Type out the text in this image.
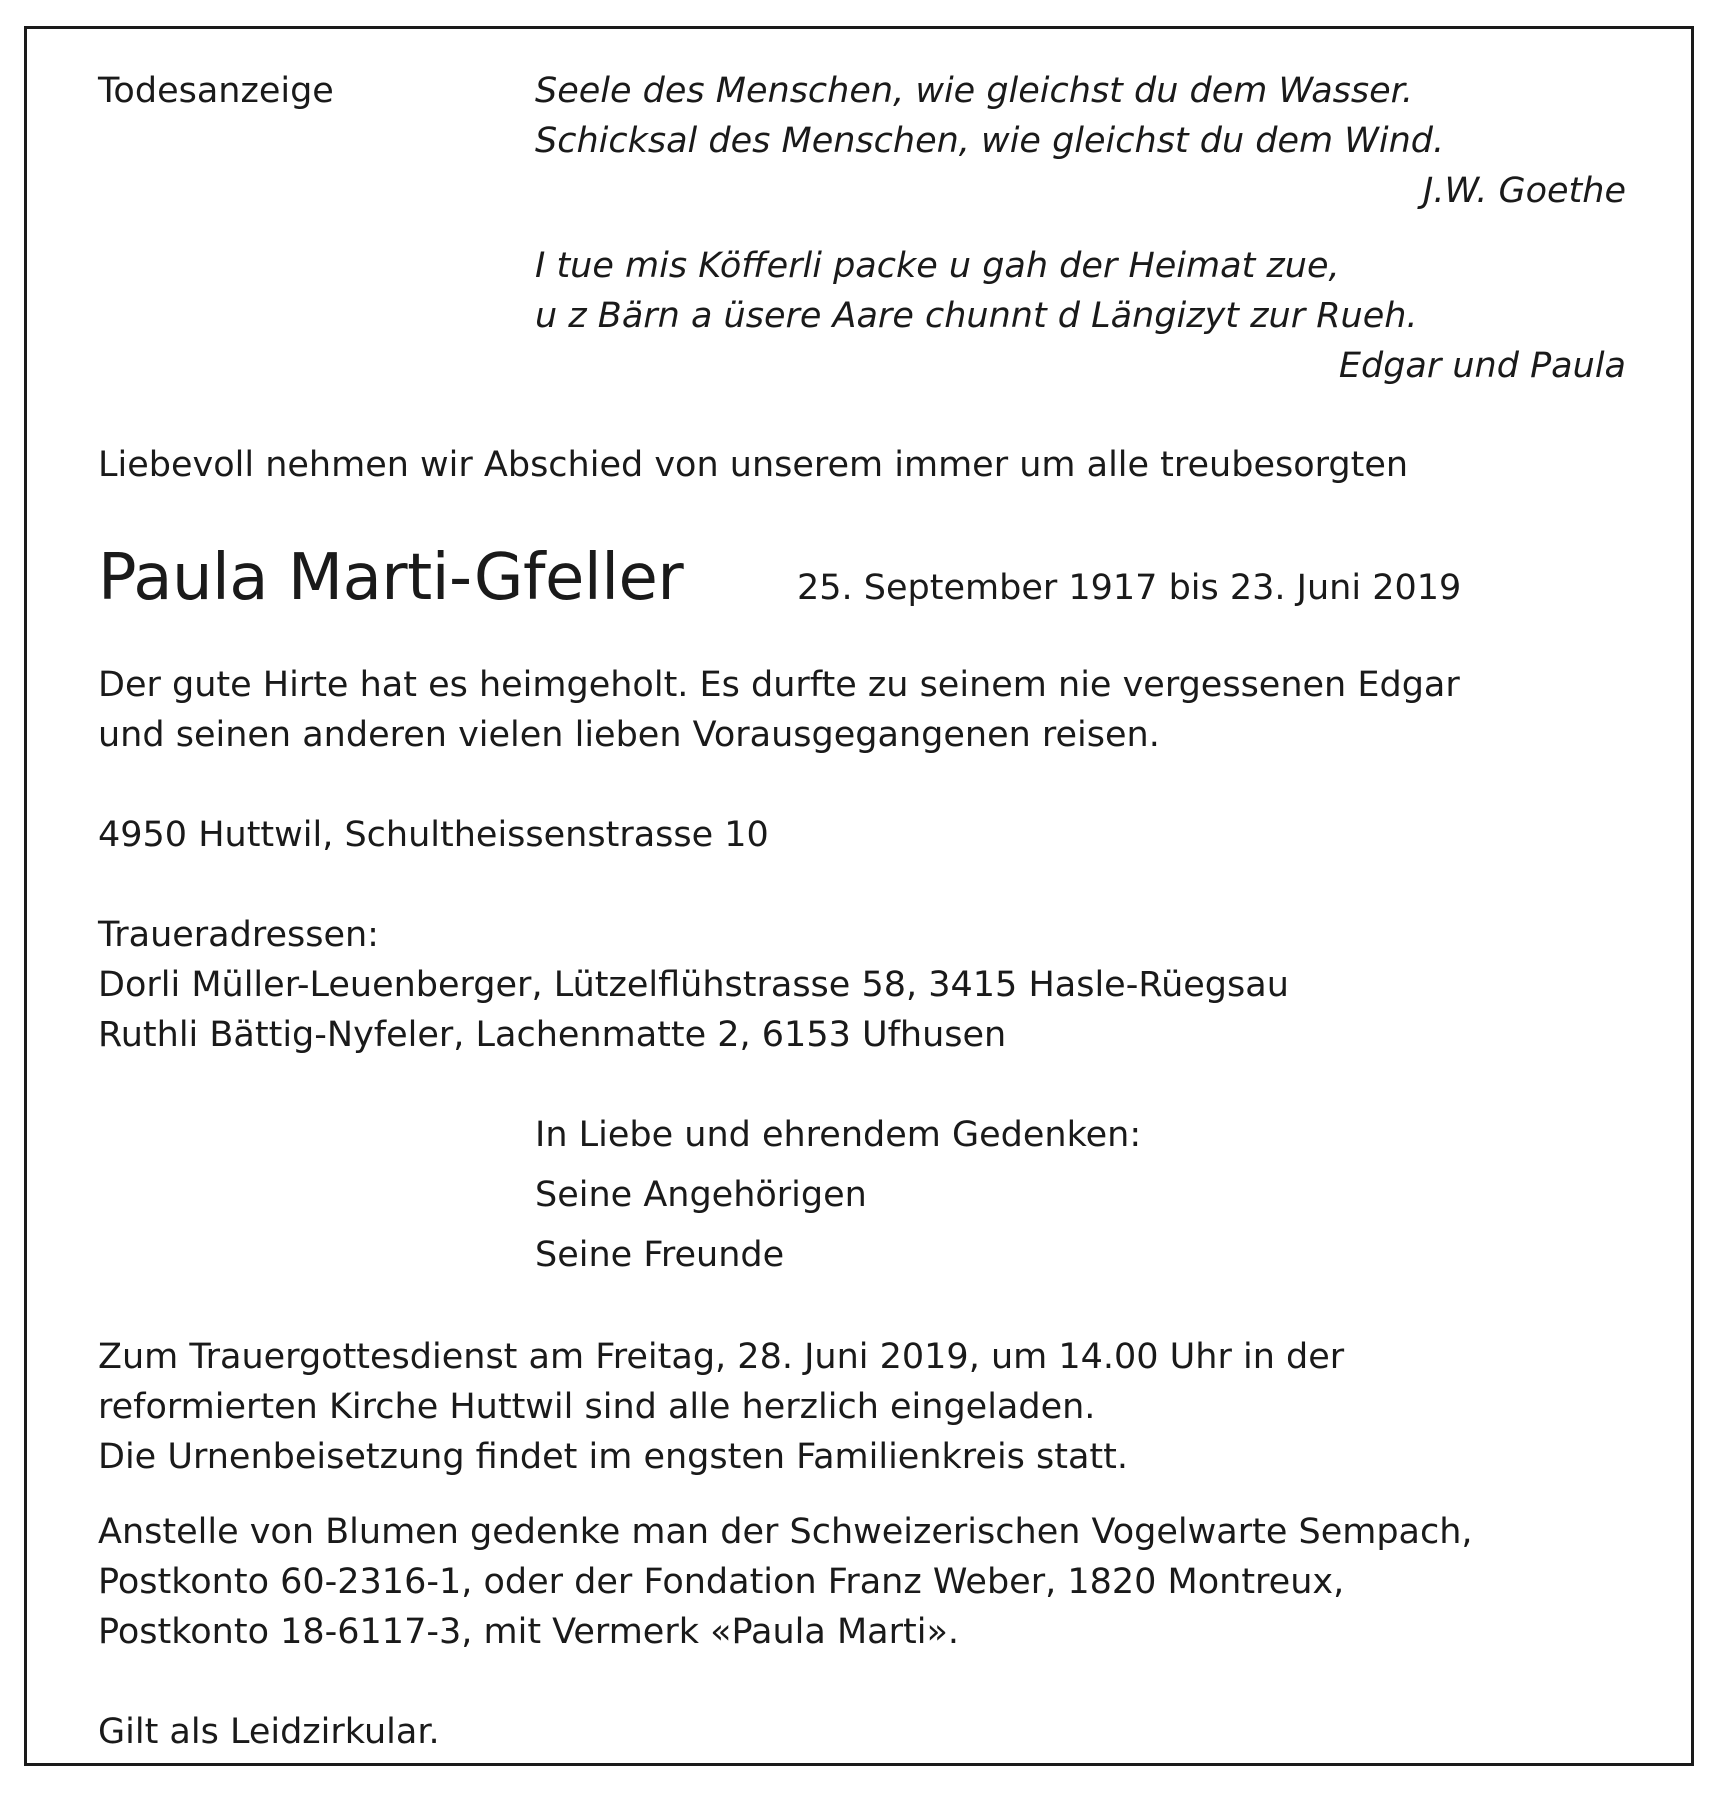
Todesanzeige	Seele des Menschen, wie gleichst du dem Wasser.

Schicksal des Menschen, wie gleichst du dem Wind.

J.W. Goethe

I tue mis Köfferli packe u gah der Heimat zue,

u z Bärn a üsere Aare chunnt d Längizyt zur Rueh.

Edgar und Paula

Liebevoll nehmen wir Abschied von unserem immer um alle treubesorgten

Paula Marti-Gfeller	25. September 1917 bis 23. Juni 2019

Der gute Hirte hat es heimgeholt. Es durfte zu seinem nie vergessenen Edgar

und seinen anderen vielen lieben Vorausgegangenen reisen.

4950 Huttwil, Schultheissenstrasse 10

Traueradressen:

Dorli Müller-Leuenberger, Lützelflühstrasse 58, 3415 Hasle-Rüegsau

Ruthli Bättig-Nyfeler, Lachenmatte 2, 6153 Ufhusen

In Liebe und ehrendem Gedenken:

Seine Angehörigen

Seine Freunde

Zum Trauergottesdienst am Freitag, 28. Juni 2019, um 14.00 Uhr in der

reformierten Kirche Huttwil sind alle herzlich eingeladen.

Die Urnenbeisetzung findet im engsten Familienkreis statt.

Anstelle von Blumen gedenke man der Schweizerischen Vogelwarte Sempach,

Postkonto 60-2316-1, oder der Fondation Franz Weber, 1820 Montreux,

Postkonto 18-6117-3, mit Vermerk «Paula Marti».

Gilt als Leidzirkular.
